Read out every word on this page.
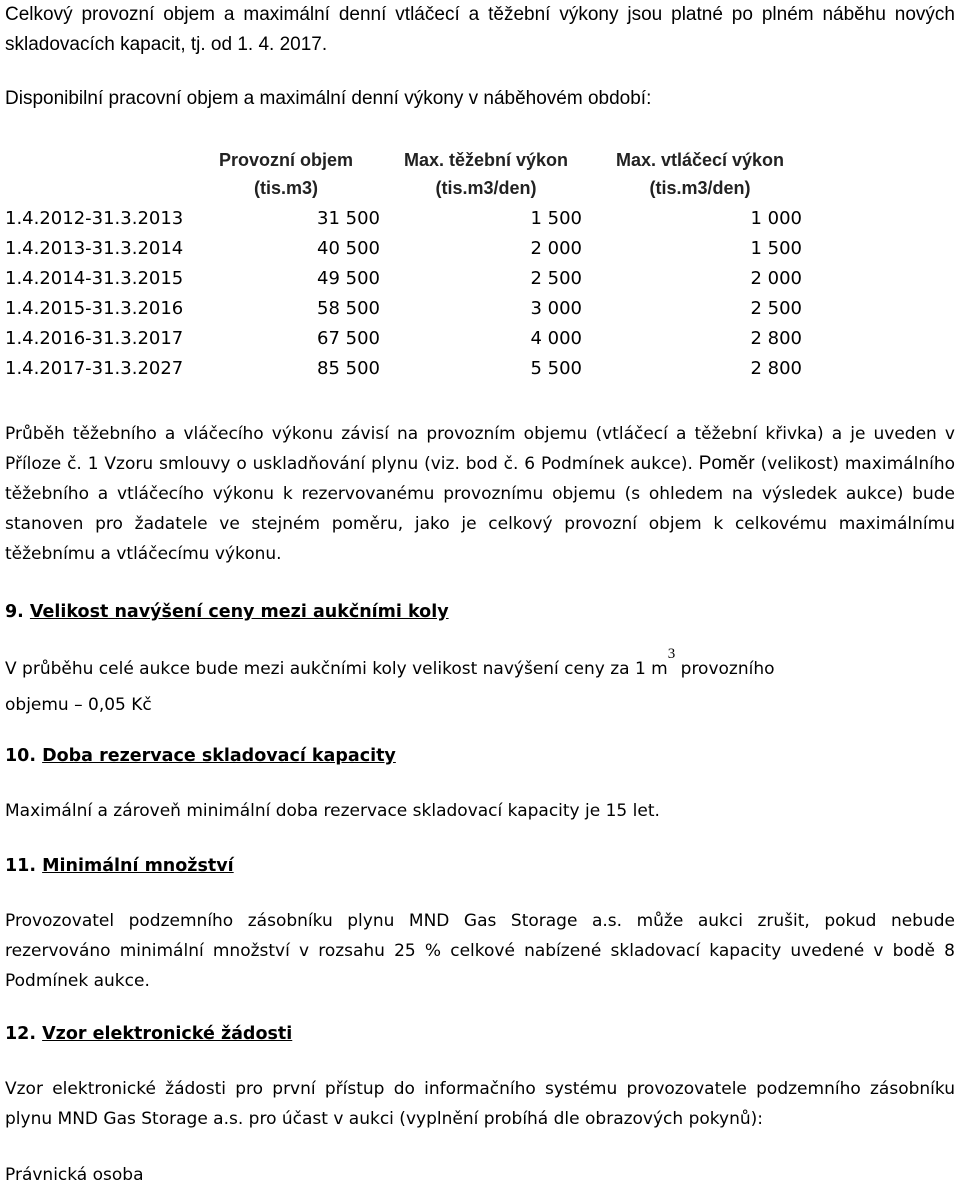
Celkový provozní objem a maximální denní vtláčecí a těžební výkony jsou platné po plném náběhu nových skladovacích kapacit, tj. od 1. 4. 2017.

Disponibilní pracovní objem a maximální denní výkony v náběhovém období:

Provozní objem
(tis.m3)
Max. těžební výkon
(tis.m3/den)
Max. vtláčecí výkon
(tis.m3/den)
1.4.2012-31.3.2013	31 500	1 500	1 000
1.4.2013-31.3.2014	40 500	2 000	1 500
1.4.2014-31.3.2015	49 500	2 500	2 000
1.4.2015-31.3.2016	58 500	3 000	2 500
1.4.2016-31.3.2017	67 500	4 000	2 800
1.4.2017-31.3.2027	85 500	5 500	2 800

Průběh těžebního a vláčecího výkonu závisí na provozním objemu (vtláčecí a těžební křivka) a je uveden v Příloze č. 1 Vzoru smlouvy o uskladňování plynu (viz. bod č. 6 Podmínek aukce). Poměr (velikost) maximálního těžebního a vtláčecího výkonu k rezervovanému provoznímu objemu (s ohledem na výsledek aukce) bude stanoven pro žadatele ve stejném poměru, jako je celkový provozní objem k celkovému maximálnímu těžebnímu a vtláčecímu výkonu.

9. Velikost navýšení ceny mezi aukčními koly

V průběhu celé aukce bude mezi aukčními koly velikost navýšení ceny za 1 $m^3$ provozního
objemu – 0,05 Kč

10. Doba rezervace skladovací kapacity

Maximální a zároveň minimální doba rezervace skladovací kapacity je 15 let.

11. Minimální množství

Provozovatel podzemního zásobníku plynu MND Gas Storage a.s. může aukci zrušit, pokud nebude rezervováno minimální množství v rozsahu 25 % celkové nabízené skladovací kapacity uvedené v bodě 8 Podmínek aukce.

12. Vzor elektronické žádosti

Vzor elektronické žádosti pro první přístup do informačního systému provozovatele podzemního zásobníku plynu MND Gas Storage a.s. pro účast v aukci (vyplnění probíhá dle obrazových pokynů):

Právnická osoba
